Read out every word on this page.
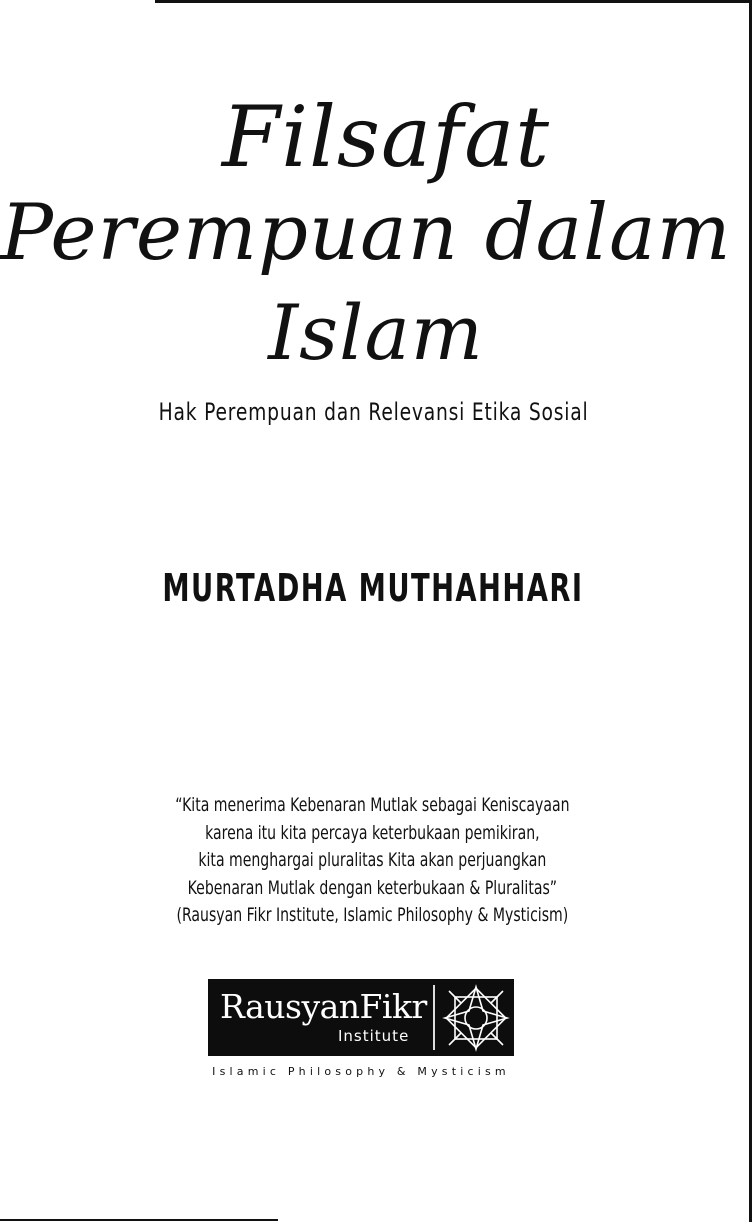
Filsafat
Perempuan dalam
Islam
Hak Perempuan dan Relevansi Etika Sosial
MURTADHA MUTHAHHARI
“Kita menerima Kebenaran Mutlak sebagai Keniscayaan
karena itu kita percaya keterbukaan pemikiran,
kita menghargai pluralitas Kita akan perjuangkan
Kebenaran Mutlak dengan keterbukaan & Pluralitas”
(Rausyan Fikr Institute, Islamic Philosophy & Mysticism)
RausyanFikr
Institute
Islamic Philosophy & Mysticism
